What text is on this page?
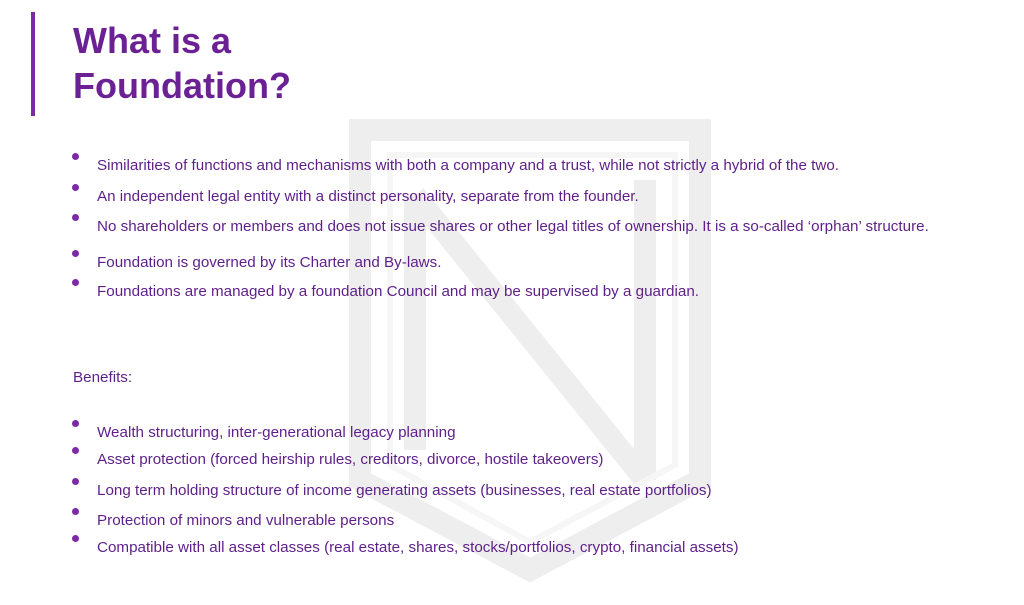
What is a Foundation?
Similarities of functions and mechanisms with both a company and a trust, while not strictly a hybrid of the two.
An independent legal entity with a distinct personality, separate from the founder.
No shareholders or members and does not issue shares or other legal titles of ownership. It is a so-called ‘orphan’ structure.
Foundation is governed by its Charter and By-laws.
Foundations are managed by a foundation Council and may be supervised by a guardian.
Benefits:
Wealth structuring, inter-generational legacy planning
Asset protection (forced heirship rules, creditors, divorce, hostile takeovers)
Long term holding structure of income generating assets (businesses, real estate portfolios)
Protection of minors and vulnerable persons
Compatible with all asset classes (real estate, shares, stocks/portfolios, crypto, financial assets)
